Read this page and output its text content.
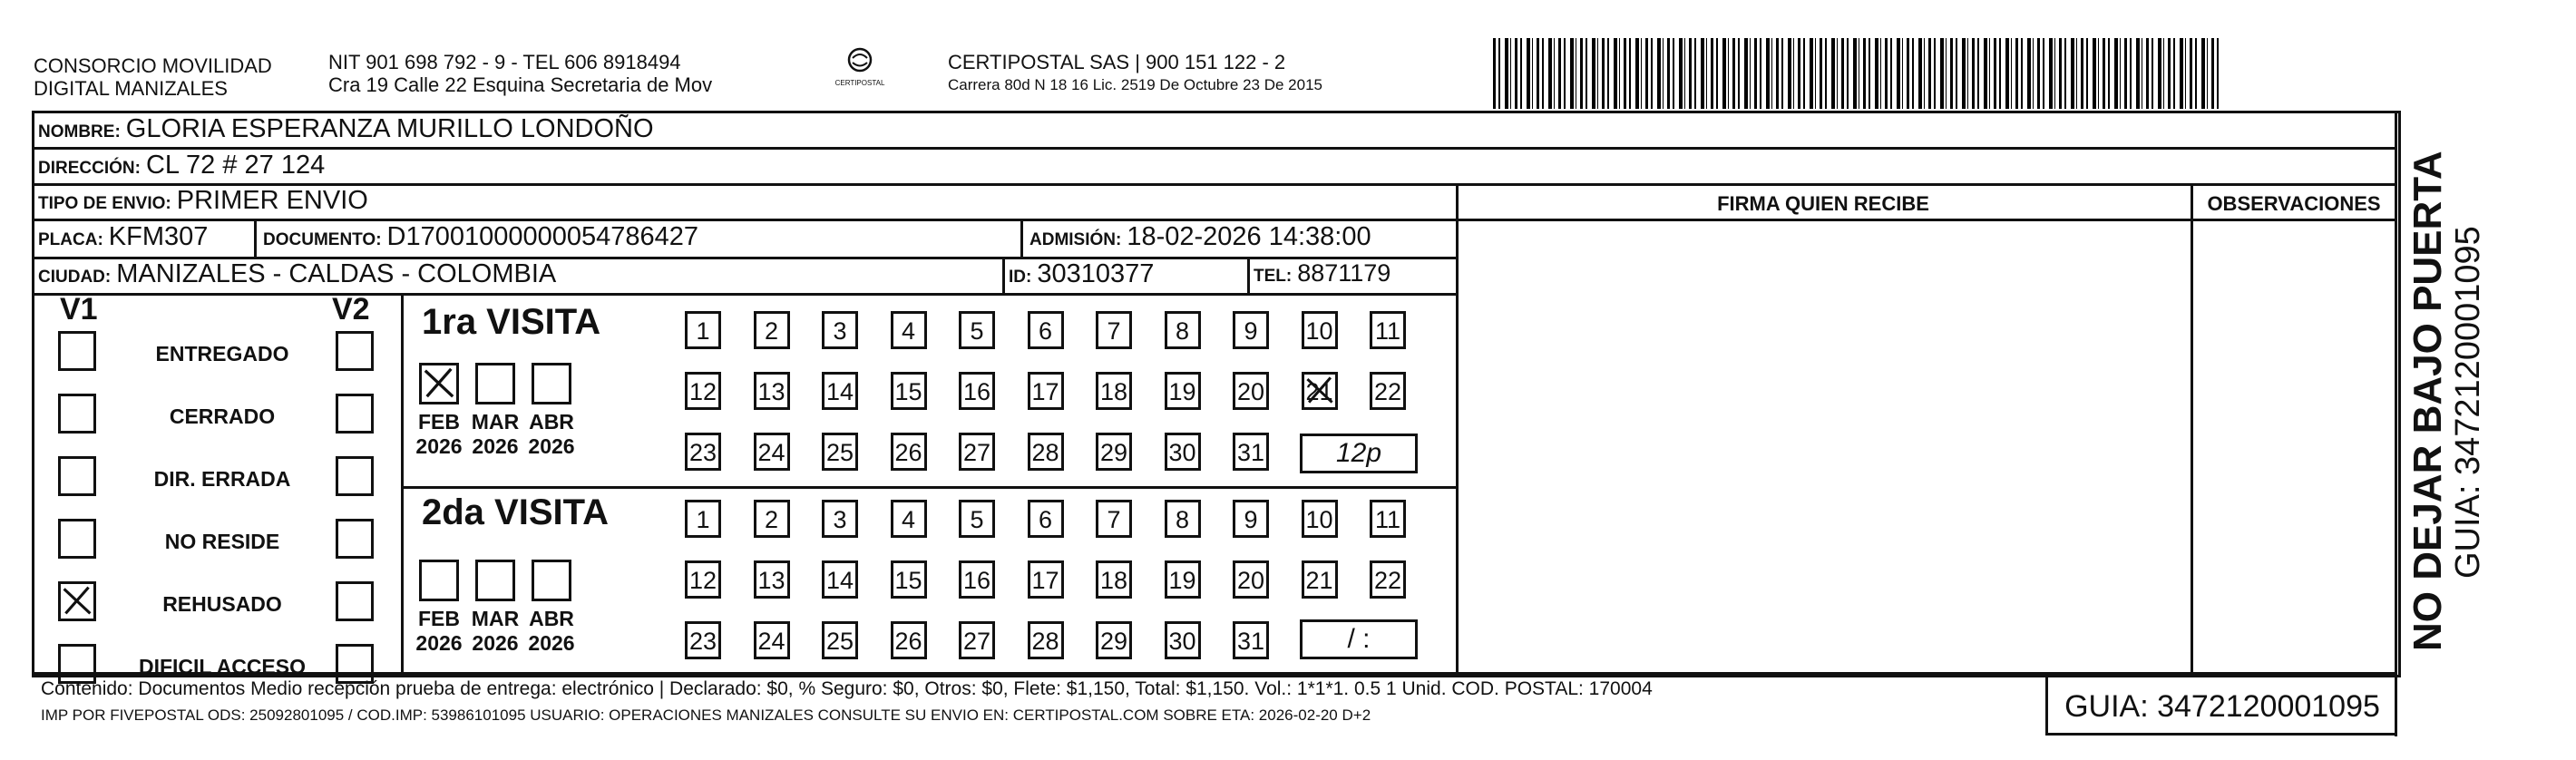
CONSORCIO MOVILIDAD
DIGITAL MANIZALES
NIT 901 698 792 - 9 - TEL 606 8918494
Cra 19 Calle 22 Esquina Secretaria de Mov	CERTIPOSTAL
CERTIPOSTAL SAS | 900 151 122 - 2
Carrera 80d N 18 16 Lic. 2519 De Octubre 23 De 2015
NOMBRE: GLORIA ESPERANZA MURILLO LONDOÑO
DIRECCIÓN: CL 72 # 27 124
TIPO DE ENVIO: PRIMER ENVIO
PLACA: KFM307	DOCUMENTO: D17001000000054786427	ADMISIÓN: 18-02-2026 14:38:00
CIUDAD: MANIZALES - CALDAS - COLOMBIA	ID: 30310377	TEL: 8871179
FIRMA QUIEN RECIBE	OBSERVACIONES
V1	V2
ENTREGADO
CERRADO
DIR. ERRADA
NO RESIDE
REHUSADO
DIFICIL ACCESO
1ra VISITA
FEB
2026
MAR
2026
ABR
2026
1	2	3	4	5	6	7	8	9	10 11
12 13 14 15 16 17 18 19 20 21 22
23 24 25 26 27 28 29 30 31	12p
2da VISITA
FEB
2026
MAR
2026
ABR
2026
1	2	3	4	5	6	7	8	9	10 11
12 13 14 15 16 17 18 19 20 21 22
23 24 25 26 27 28 29 30 31	/ :
Contenido: Documentos Medio recepción prueba de entrega: electrónico | Declarado: $0, % Seguro: $0, Otros: $0, Flete: $1,150, Total: $1,150. Vol.: 1*1*1. 0.5 1 Unid. COD. POSTAL: 170004
IMP POR FIVEPOSTAL ODS: 25092801095 / COD.IMP: 53986101095 USUARIO: OPERACIONES MANIZALES CONSULTE SU ENVIO EN: CERTIPOSTAL.COM SOBRE ETA: 2026-02-20 D+2	GUIA: 3472120001095
NO DEJAR BAJO PUERTA GUIA: 3472120001095
